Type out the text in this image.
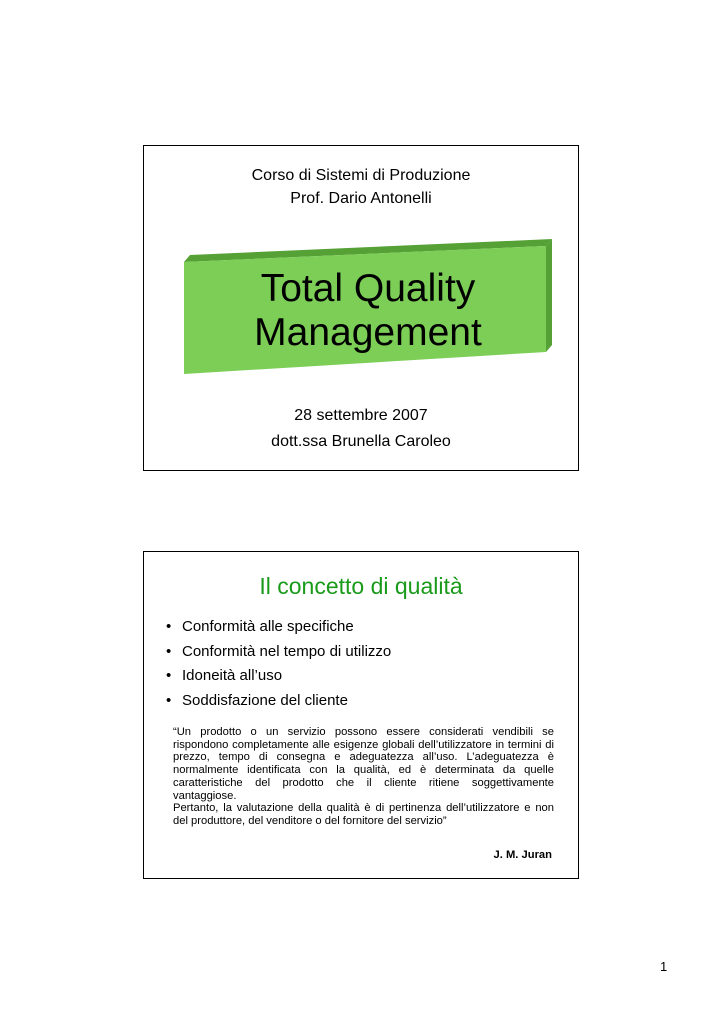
Corso di Sistemi di Produzione
Prof. Dario Antonelli
Total Quality
Management
28 settembre 2007
dott.ssa Brunella Caroleo
Il concetto di qualità
• Conformità alle specifiche
• Conformità nel tempo di utilizzo
• Idoneità all’uso
• Soddisfazione del cliente

“Un prodotto o un servizio possono essere considerati vendibili se rispondono completamente alle esigenze globali dell’utilizzatore in termini di prezzo, tempo di consegna e adeguatezza all’uso. L’adeguatezza è normalmente identificata con la qualità, ed è determinata da quelle caratteristiche del prodotto che il cliente ritiene soggettivamente vantaggiose.

Pertanto, la valutazione della qualità è di pertinenza dell’utilizzatore e non del produttore, del venditore o del fornitore del servizio”

J. M. Juran
1
